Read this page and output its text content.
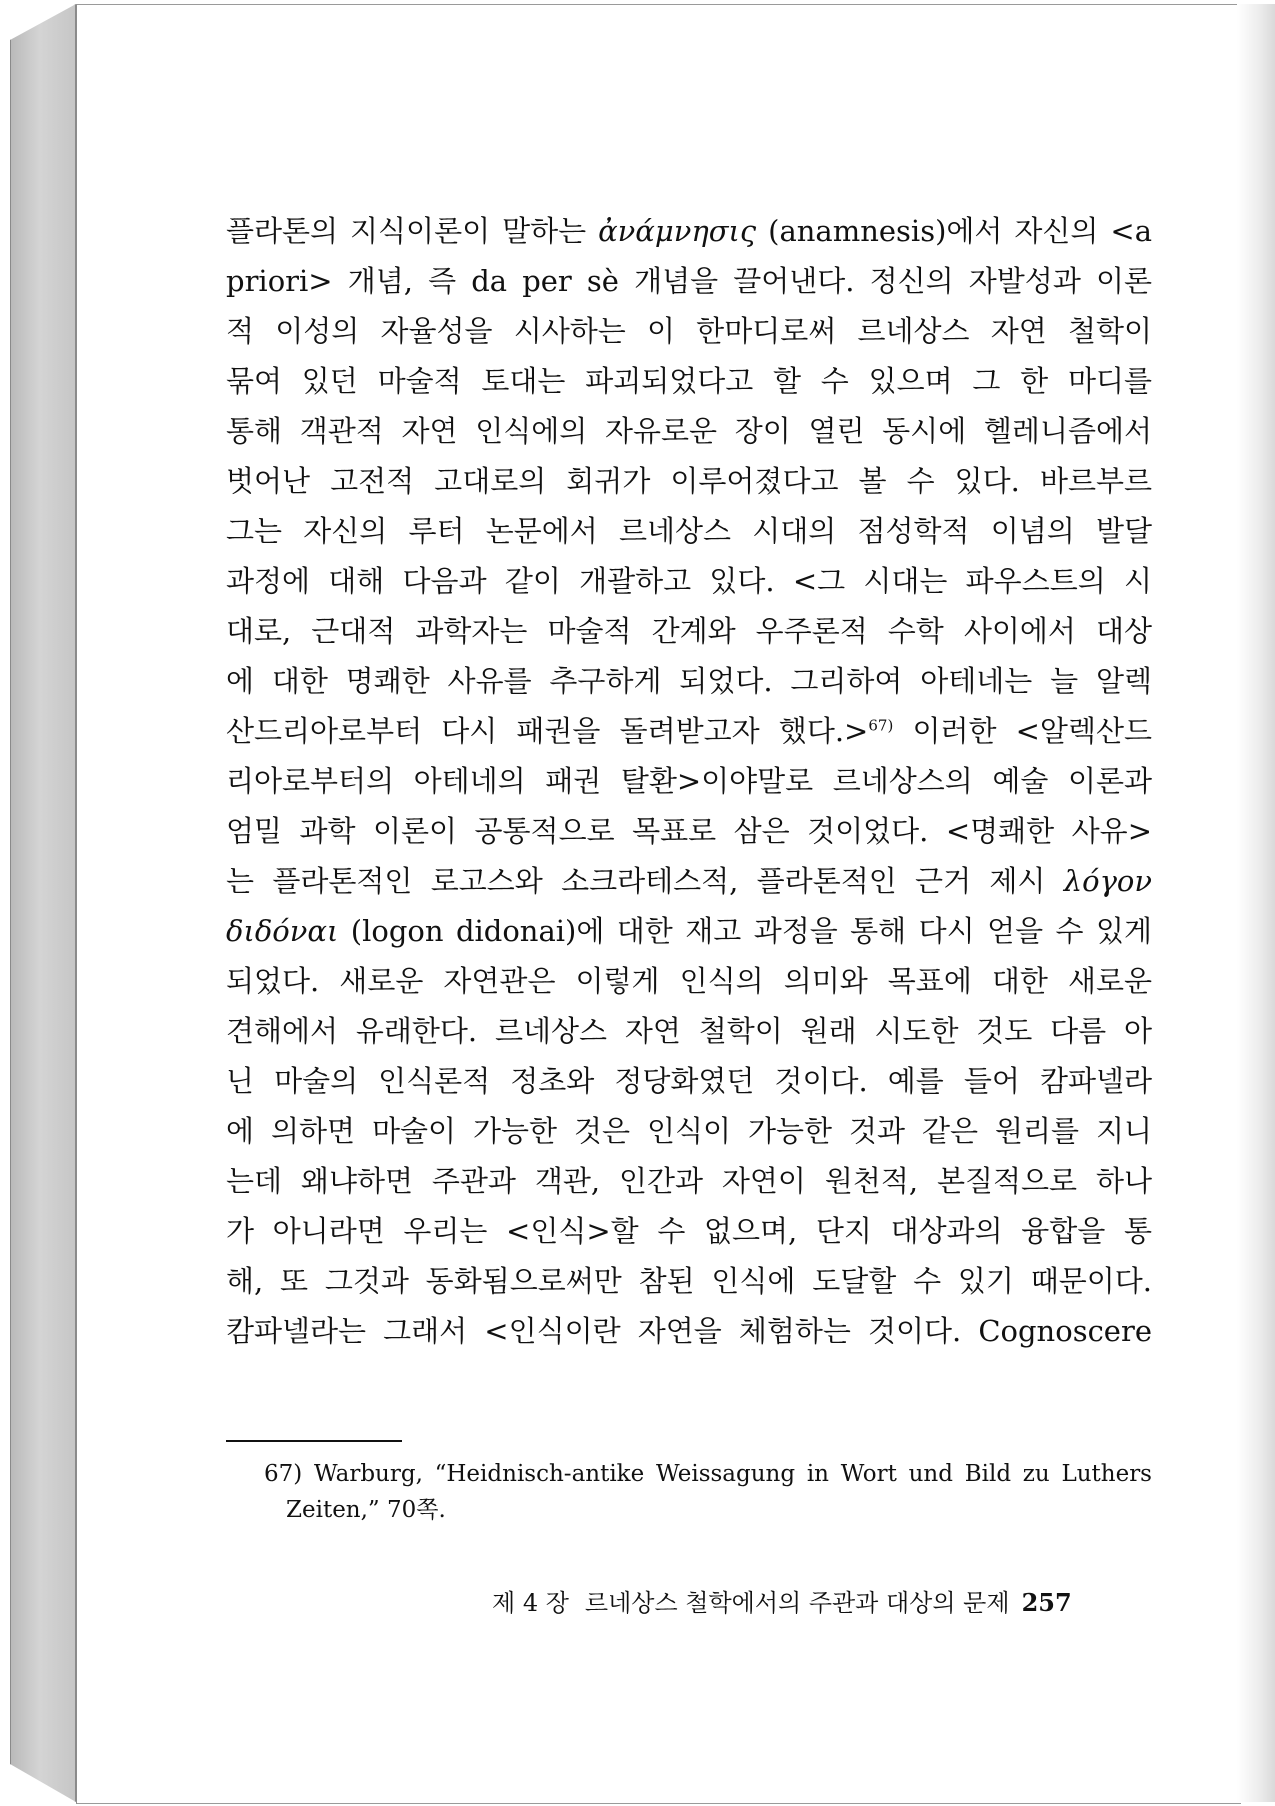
플라톤의 지식이론이 말하는 ἀνάμνησις (anamnesis)에서 자신의 <a
priori> 개념, 즉 da per sè 개념을 끌어낸다. 정신의 자발성과 이론
적 이성의 자율성을 시사하는 이 한마디로써 르네상스 자연 철학이
묶여 있던 마술적 토대는 파괴되었다고 할 수 있으며 그 한 마디를
통해 객관적 자연 인식에의 자유로운 장이 열린 동시에 헬레니즘에서
벗어난 고전적 고대로의 회귀가 이루어졌다고 볼 수 있다. 바르부르
그는 자신의 루터 논문에서 르네상스 시대의 점성학적 이념의 발달
과정에 대해 다음과 같이 개괄하고 있다. <그 시대는 파우스트의 시
대로, 근대적 과학자는 마술적 간계와 우주론적 수학 사이에서 대상
에 대한 명쾌한 사유를 추구하게 되었다. 그리하여 아테네는 늘 알렉
산드리아로부터 다시 패권을 돌려받고자 했다.>$^{67)}$ 이러한 <알렉산드
리아로부터의 아테네의 패권 탈환>이야말로 르네상스의 예술 이론과
엄밀 과학 이론이 공통적으로 목표로 삼은 것이었다. <명쾌한 사유>
는 플라톤적인 로고스와 소크라테스적, 플라톤적인 근거 제시 λόγον
διδόναι (logon didonai)에 대한 재고 과정을 통해 다시 얻을 수 있게
되었다. 새로운 자연관은 이렇게 인식의 의미와 목표에 대한 새로운
견해에서 유래한다. 르네상스 자연 철학이 원래 시도한 것도 다름 아
닌 마술의 인식론적 정초와 정당화였던 것이다. 예를 들어 캄파넬라
에 의하면 마술이 가능한 것은 인식이 가능한 것과 같은 원리를 지니
는데 왜냐하면 주관과 객관, 인간과 자연이 원천적, 본질적으로 하나
가 아니라면 우리는 <인식>할 수 없으며, 단지 대상과의 융합을 통
해, 또 그것과 동화됨으로써만 참된 인식에 도달할 수 있기 때문이다.
캄파넬라는 그래서 <인식이란 자연을 체험하는 것이다. Cognoscere
67) Warburg, “Heidnisch-antike Weissagung in Wort und Bild zu Luthers
Zeiten,” 70쪽.
제 4 장 르네상스 철학에서의 주관과 대상의 문제 257
